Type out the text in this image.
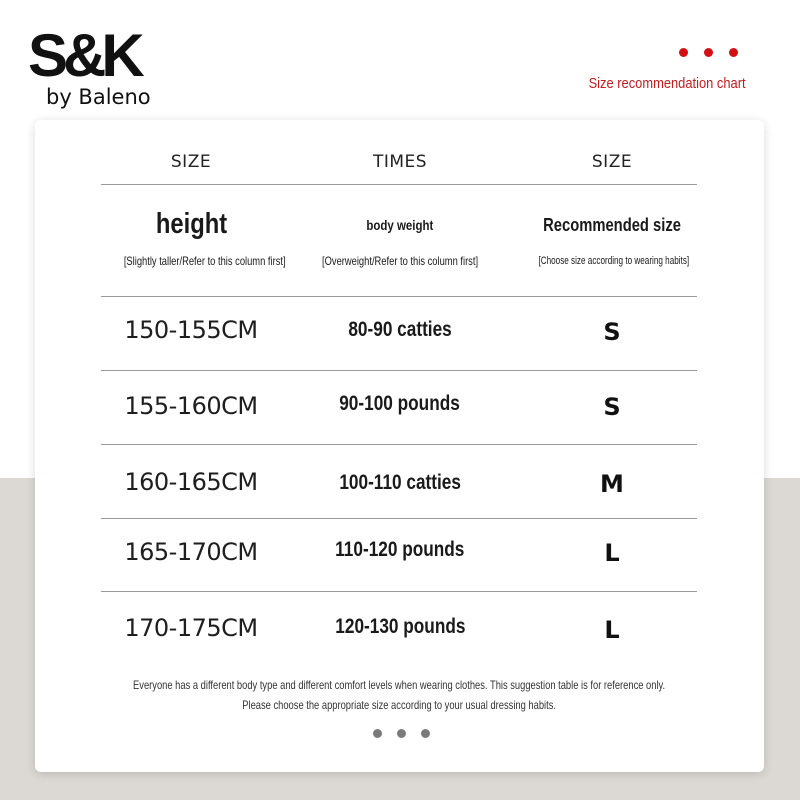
S&K
by Baleno
Size recommendation chart
SIZE	TIMES	SIZE
height	body weight	Recommended size
[Slightly taller/Refer to this column first]	[Overweight/Refer to this column first]	[Choose size according to wearing habits]
150-155CM	80-90 catties	S
155-160CM	90-100 pounds	S
160-165CM	100-110 catties	M
165-170CM	110-120 pounds	L
170-175CM	120-130 pounds	L
Everyone has a different body type and different comfort levels when wearing clothes. This suggestion table is for reference only.
Please choose the appropriate size according to your usual dressing habits.
